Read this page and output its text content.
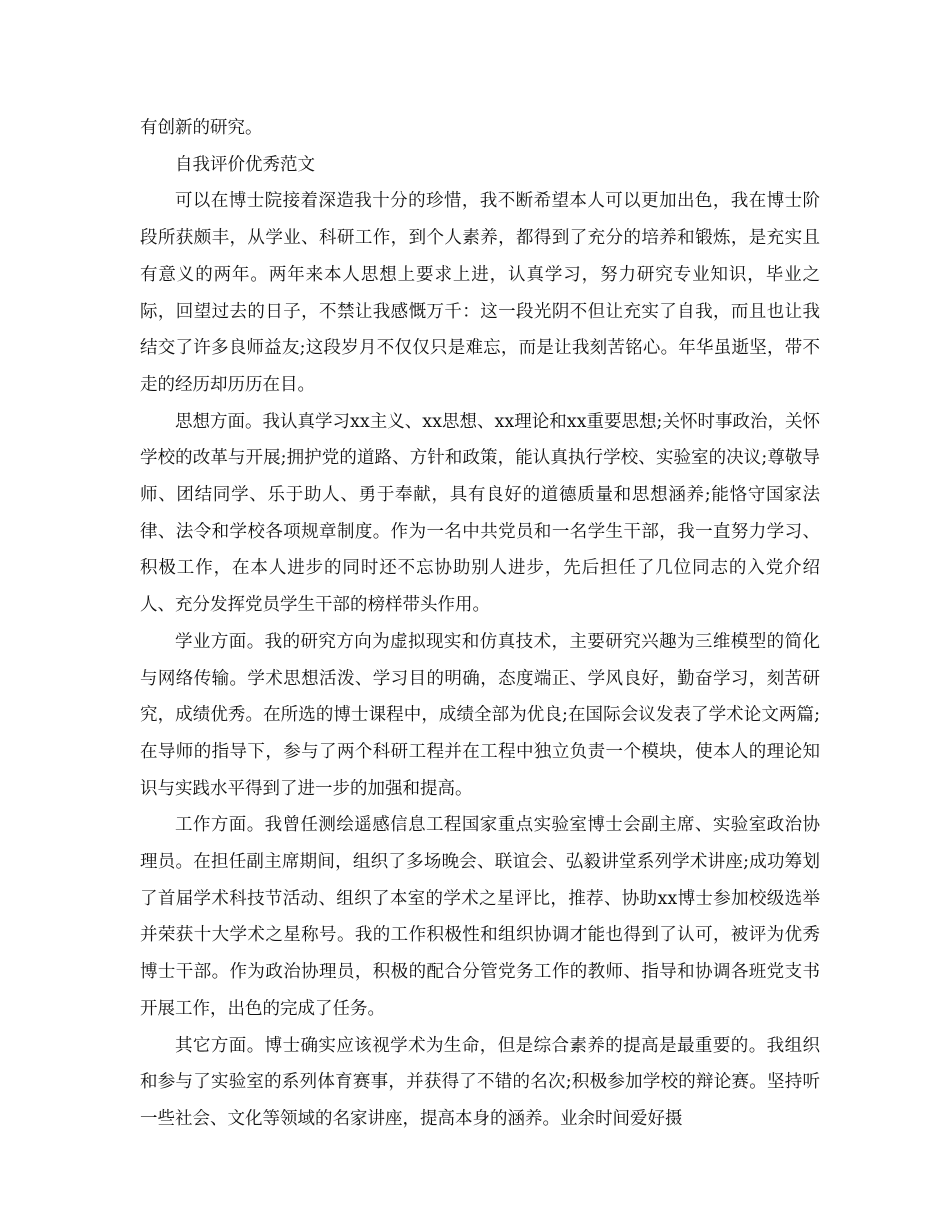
有创新的研究。

自我评价优秀范文

可以在博士院接着深造我十分的珍惜，我不断希望本人可以更加出色，我在博士阶段所获颇丰，从学业、科研工作，到个人素养，都得到了充分的培养和锻炼，是充实且有意义的两年。两年来本人思想上要求上进，认真学习，努力研究专业知识，毕业之际，回望过去的日子，不禁让我感慨万千：这一段光阴不但让充实了自我，而且也让我结交了许多良师益友;这段岁月不仅仅只是难忘，而是让我刻苦铭心。年华虽逝坚，带不走的经历却历历在目。

思想方面。我认真学习xx主义、xx思想、xx理论和xx重要思想;关怀时事政治，关怀学校的改革与开展;拥护党的道路、方针和政策，能认真执行学校、实验室的决议;尊敬导师、团结同学、乐于助人、勇于奉献，具有良好的道德质量和思想涵养;能恪守国家法律、法令和学校各项规章制度。作为一名中共党员和一名学生干部，我一直努力学习、积极工作，在本人进步的同时还不忘协助别人进步，先后担任了几位同志的入党介绍人、充分发挥党员学生干部的榜样带头作用。

学业方面。我的研究方向为虚拟现实和仿真技术，主要研究兴趣为三维模型的简化与网络传输。学术思想活泼、学习目的明确，态度端正、学风良好，勤奋学习，刻苦研究，成绩优秀。在所选的博士课程中，成绩全部为优良;在国际会议发表了学术论文两篇;在导师的指导下，参与了两个科研工程并在工程中独立负责一个模块，使本人的理论知识与实践水平得到了进一步的加强和提高。

工作方面。我曾任测绘遥感信息工程国家重点实验室博士会副主席、实验室政治协理员。在担任副主席期间，组织了多场晚会、联谊会、弘毅讲堂系列学术讲座;成功筹划了首届学术科技节活动、组织了本室的学术之星评比，推荐、协助xx博士参加校级选举并荣获十大学术之星称号。我的工作积极性和组织协调才能也得到了认可，被评为优秀博士干部。作为政治协理员，积极的配合分管党务工作的教师、指导和协调各班党支书开展工作，出色的完成了任务。

其它方面。博士确实应该视学术为生命，但是综合素养的提高是最重要的。我组织和参与了实验室的系列体育赛事，并获得了不错的名次;积极参加学校的辩论赛。坚持听一些社会、文化等领域的名家讲座，提高本身的涵养。业余时间爱好摄
